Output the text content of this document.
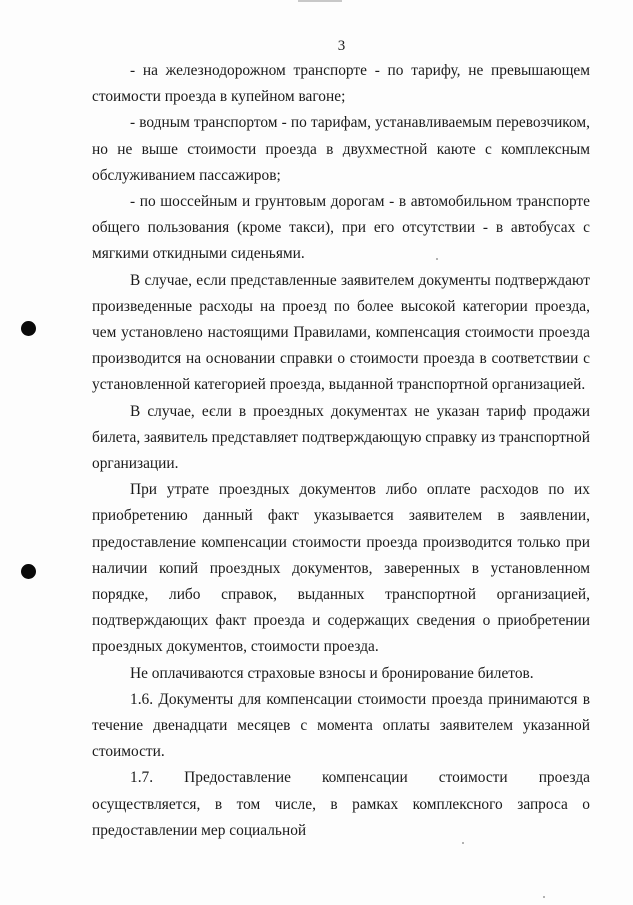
3

- на железнодорожном транспорте - по тарифу, не превышающем стоимости проезда в купейном вагоне;

- водным транспортом - по тарифам, устанавливаемым перевозчиком, но не выше стоимости проезда в двухместной каюте с комплексным обслуживанием пассажиров;

- по шоссейным и грунтовым дорогам - в автомобильном транспорте общего пользования (кроме такси), при его отсутствии - в автобусах с мягкими откидными сиденьями.

В случае, если представленные заявителем документы подтверждают произведенные расходы на проезд по более высокой категории проезда, чем установлено настоящими Правилами, компенсация стоимости проезда производится на основании справки о стоимости проезда в соответствии с установленной категорией проезда, выданной транспортной организацией.

В случае, если в проездных документах не указан тариф продажи билета, заявитель представляет подтверждающую справку из транспортной организации.

При утрате проездных документов либо оплате расходов по их приобретению данный факт указывается заявителем в заявлении, предоставление компенсации стоимости проезда производится только при наличии копий проездных документов, заверенных в установленном порядке, либо справок, выданных транспортной организацией, подтверждающих факт проезда и содержащих сведения о приобретении проездных документов, стоимости проезда.

Не оплачиваются страховые взносы и бронирование билетов.

1.6. Документы для компенсации стоимости проезда принимаются в течение двенадцати месяцев с момента оплаты заявителем указанной стоимости.

1.7. Предоставление компенсации стоимости проезда осуществляется, в том числе, в рамках комплексного запроса о предоставлении мер социальной
